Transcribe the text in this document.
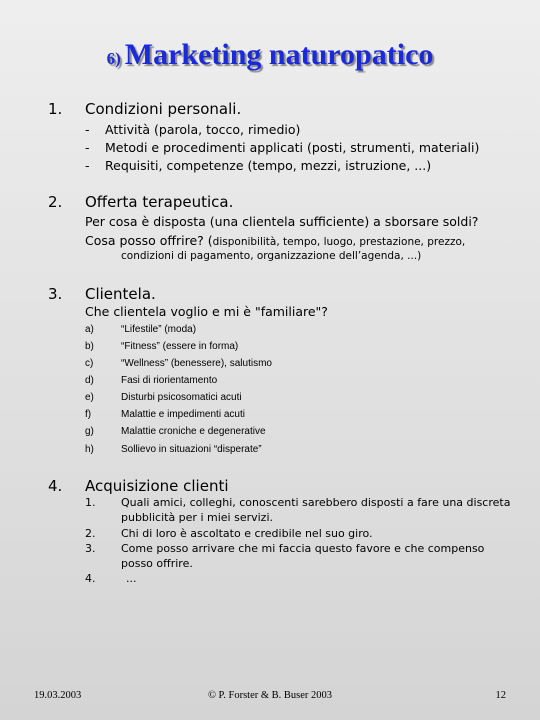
6) Marketing naturopatico
1. Condizioni personali.
- Attività (parola, tocco, rimedio)
- Metodi e procedimenti applicati (posti, strumenti, materiali)
- Requisiti, competenze (tempo, mezzi, istruzione, ...)
2. Offerta terapeutica.
Per cosa è disposta (una clientela sufficiente) a sborsare soldi?
Cosa posso offrire? (disponibilità, tempo, luogo, prestazione, prezzo,
condizioni di pagamento, organizzazione dell’agenda, ...)
3. Clientela.
Che clientela voglio e mi è "familiare"?
a)	“Lifestile” (moda)
b)	“Fitness” (essere in forma)
c)	“Wellness” (benessere), salutismo
d)	Fasi di riorientamento
e)	Disturbi psicosomatici acuti
f)	Malattie e impedimenti acuti
g)	Malattie croniche e degenerative
h)	Sollievo in situazioni “disperate”
4. Acquisizione clienti
1. Quali amici, colleghi, conoscenti sarebbero disposti a fare una discreta
pubblicità per i miei servizi.
2. Chi di loro è ascoltato e credibile nel suo giro.
3. Come posso arrivare che mi faccia questo favore e che compenso
posso offrire.
4.	...
19.03.2003	© P. Forster & B. Buser 2003	12
